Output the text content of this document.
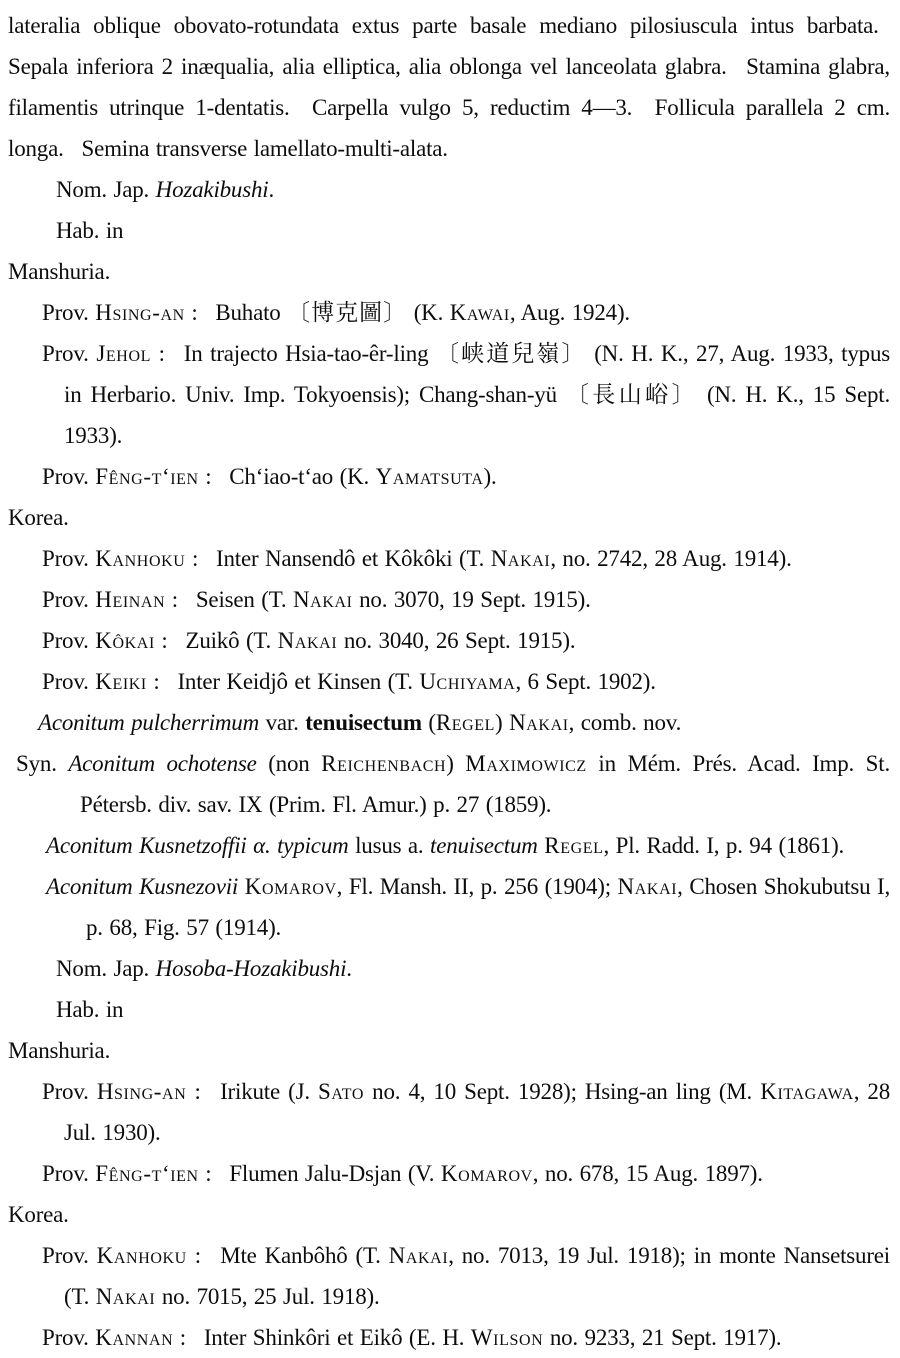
lateralia oblique obovato-rotundata extus parte basale mediano pilosiuscula intus barbata.  Sepala inferiora 2 inæqualia, alia elliptica, alia oblonga vel lanceolata glabra.  Stamina glabra, filamentis utrinque 1-dentatis.  Carpella vulgo 5, reductim 4—3.  Follicula parallela 2 cm. longa.  Semina transverse lamellato-multi-alata.

Nom. Jap. Hozakibushi.

Hab. in

Manshuria.

Prov. Hsing-an :  Buhato 〔博克圖〕 (K. Kawai, Aug. 1924).

Prov. Jehol :  In trajecto Hsia-tao-êr-ling 〔峡道兒嶺〕 (N. H. K., 27, Aug. 1933, typus in Herbario. Univ. Imp. Tokyoensis); Chang-shan-yü 〔長山峪〕 (N. H. K., 15 Sept. 1933).

Prov. Fêng-t‘ien :  Ch‘iao-t‘ao (K. Yamatsuta).

Korea.

Prov. Kanhoku :  Inter Nansendô et Kôkôki (T. Nakai, no. 2742, 28 Aug. 1914).

Prov. Heinan :  Seisen (T. Nakai no. 3070, 19 Sept. 1915).

Prov. Kôkai :  Zuikô (T. Nakai no. 3040, 26 Sept. 1915).

Prov. Keiki :  Inter Keidjô et Kinsen (T. Uchiyama, 6 Sept. 1902).

Aconitum pulcherrimum var. tenuisectum (Regel) Nakai, comb. nov.

Syn. Aconitum ochotense (non Reichenbach) Maximowicz in Mém. Prés. Acad. Imp. St. Pétersb. div. sav. IX (Prim. Fl. Amur.) p. 27 (1859).

Aconitum Kusnetzoffii α. typicum lusus a. tenuisectum Regel, Pl. Radd. I, p. 94 (1861).

Aconitum Kusnezovii Komarov, Fl. Mansh. II, p. 256 (1904); Nakai, Chosen Shokubutsu I, p. 68, Fig. 57 (1914).

Nom. Jap. Hosoba-Hozakibushi.

Hab. in

Manshuria.

Prov. Hsing-an :  Irikute (J. Sato no. 4, 10 Sept. 1928); Hsing-an ling (M. Kitagawa, 28 Jul. 1930).

Prov. Fêng-t‘ien :  Flumen Jalu-Dsjan (V. Komarov, no. 678, 15 Aug. 1897).

Korea.

Prov. Kanhoku :  Mte Kanbôhô (T. Nakai, no. 7013, 19 Jul. 1918); in monte Nansetsurei (T. Nakai no. 7015, 25 Jul. 1918).

Prov. Kannan :  Inter Shinkôri et Eikô (E. H. Wilson no. 9233, 21 Sept. 1917).
